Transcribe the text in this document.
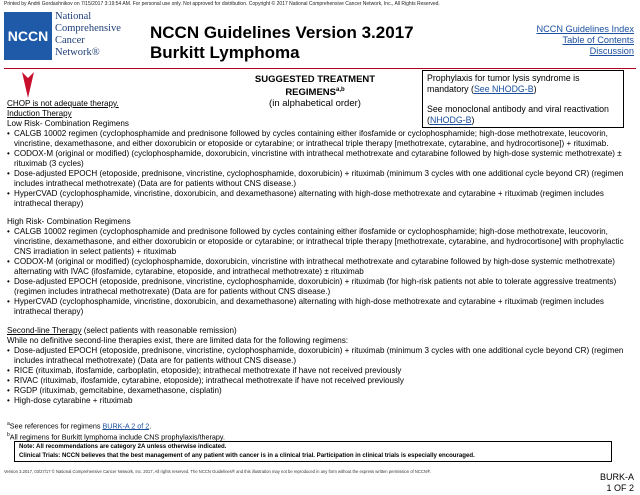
Printed by Andrii Gordashnikov on 7/15/2017 3:19:54 AM. For personal use only. Not approved for distribution. Copyright © 2017 National Comprehensive Cancer Network, Inc., All Rights Reserved.
NCCN
National
Comprehensive
Cancer
Network®
NCCN Guidelines Version 3.2017
Burkitt Lymphoma
NCCN Guidelines Index
Table of Contents
Discussion
SUGGESTED TREATMENT REGIMENS$^{a,b}$
(in alphabetical order)
Prophylaxis for tumor lysis syndrome is mandatory (See NHODG-B)
See monoclonal antibody and viral reactivation (NHODG-B)
CHOP is not adequate therapy.
Induction Therapy
Low Risk- Combination Regimens
• CALGB 10002 regimen (cyclophosphamide and prednisone followed by cycles containing either ifosfamide or cyclophosphamide; high-dose methotrexate, leucovorin, vincristine, dexamethasone, and either doxorubicin or etoposide or cytarabine; or intrathecal triple therapy [methotrexate, cytarabine, and hydrocortisone]) + rituximab.
• CODOX-M (original or modified) (cyclophosphamide, doxorubicin, vincristine with intrathecal methotrexate and cytarabine followed by high-dose systemic methotrexate) ± rituximab (3 cycles)
• Dose-adjusted EPOCH (etoposide, prednisone, vincristine, cyclophosphamide, doxorubicin) + rituximab (minimum 3 cycles with one additional cycle beyond CR) (regimen includes intrathecal methotrexate) (Data are for patients without CNS disease.)
• HyperCVAD (cyclophosphamide, vincristine, doxorubicin, and dexamethasone) alternating with high-dose methotrexate and cytarabine + rituximab (regimen includes intrathecal therapy)
High Risk- Combination Regimens
• CALGB 10002 regimen (cyclophosphamide and prednisone followed by cycles containing either ifosfamide or cyclophosphamide; high-dose methotrexate, leucovorin, vincristine, dexamethasone, and either doxorubicin or etoposide or cytarabine; or intrathecal triple therapy [methotrexate, cytarabine, and hydrocortisone] with prophylactic CNS irradiation in select patients) + rituximab
• CODOX-M (original or modified) (cyclophosphamide, doxorubicin, vincristine with intrathecal methotrexate and cytarabine followed by high-dose systemic methotrexate) alternating with IVAC (ifosfamide, cytarabine, etoposide, and intrathecal methotrexate) ± rituximab
• Dose-adjusted EPOCH (etoposide, prednisone, vincristine, cyclophosphamide, doxorubicin) + rituximab (for high-risk patients not able to tolerate aggressive treatments) (regimen includes intrathecal methotrexate) (Data are for patients without CNS disease.)
• HyperCVAD (cyclophosphamide, vincristine, doxorubicin, and dexamethasone) alternating with high-dose methotrexate and cytarabine + rituximab (regimen includes intrathecal therapy)
Second-line Therapy (select patients with reasonable remission)
While no definitive second-line therapies exist, there are limited data for the following regimens:
• Dose-adjusted EPOCH (etoposide, prednisone, vincristine, cyclophosphamide, doxorubicin) + rituximab (minimum 3 cycles with one additional cycle beyond CR) (regimen includes intrathecal methotrexate) (Data are for patients without CNS disease.)
• RICE (rituximab, ifosfamide, carboplatin, etoposide); intrathecal methotrexate if have not received previously
• RIVAC (rituximab, ifosfamide, cytarabine, etoposide); intrathecal methotrexate if have not received previously
• RGDP (rituximab, gemcitabine, dexamethasone, cisplatin)
• High-dose cytarabine + rituximab
$^a$See references for regimens BURK-A 2 of 2.
$^b$All regimens for Burkitt lymphoma include CNS prophylaxis/therapy.
Note: All recommendations are category 2A unless otherwise indicated.
Clinical Trials: NCCN believes that the best management of any patient with cancer is in a clinical trial. Participation in clinical trials is especially encouraged.
Version 3.2017, 03/27/17 © National Comprehensive Cancer Network, Inc. 2017, All rights reserved. The NCCN Guidelines® and this illustration may not be reproduced in any form without the express written permission of NCCN®.
BURK-A
1 OF 2
